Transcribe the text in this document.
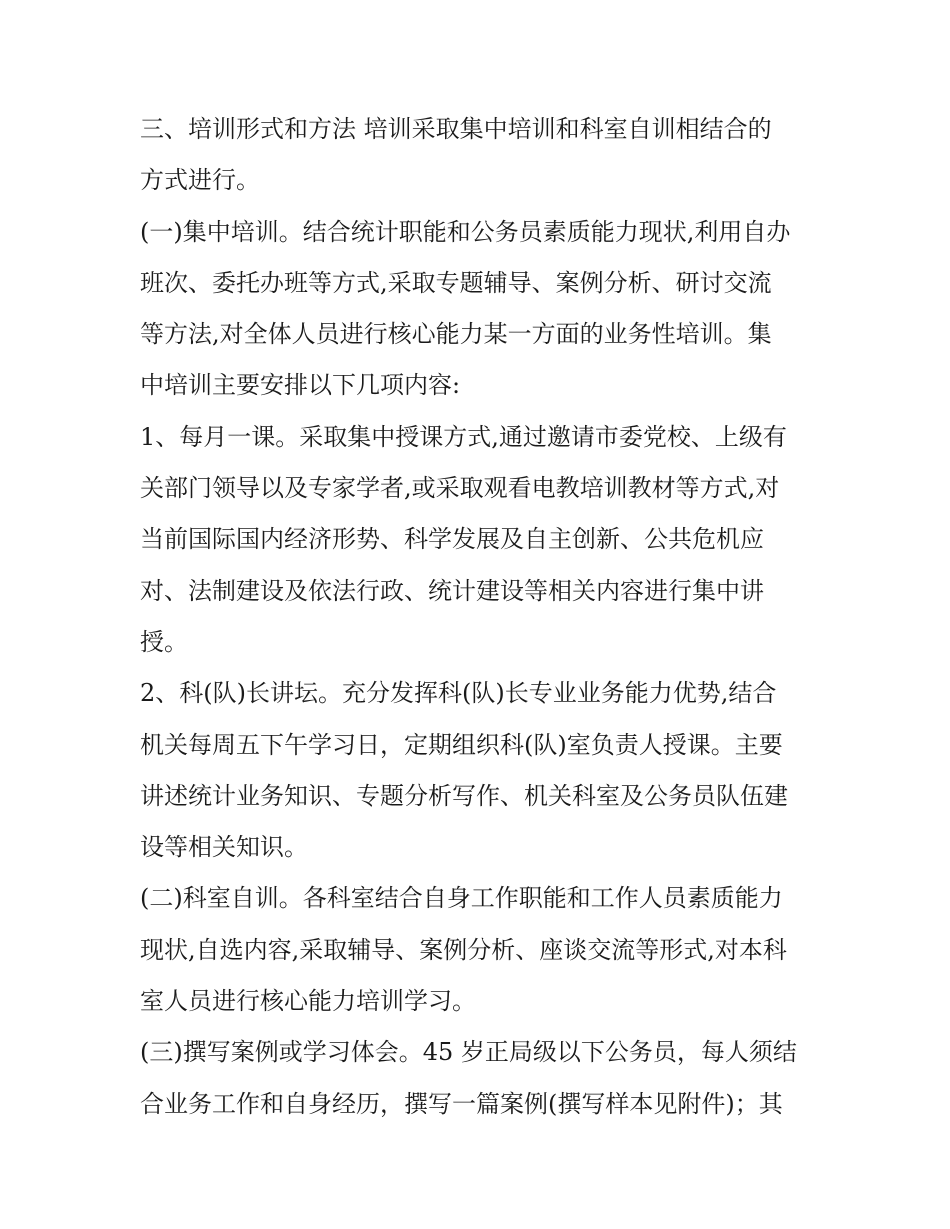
三、培训形式和方法 培训采取集中培训和科室自训相结合的
方式进行。
(一)集中培训。结合统计职能和公务员素质能力现状,利用自办
班次、委托办班等方式,采取专题辅导、案例分析、研讨交流
等方法,对全体人员进行核心能力某一方面的业务性培训。集
中培训主要安排以下几项内容:
1、每月一课。采取集中授课方式,通过邀请市委党校、上级有
关部门领导以及专家学者,或采取观看电教培训教材等方式,对
当前国际国内经济形势、科学发展及自主创新、公共危机应
对、法制建设及依法行政、统计建设等相关内容进行集中讲
授。
2、科(队)长讲坛。充分发挥科(队)长专业业务能力优势,结合
机关每周五下午学习日，定期组织科(队)室负责人授课。主要
讲述统计业务知识、专题分析写作、机关科室及公务员队伍建
设等相关知识。
(二)科室自训。各科室结合自身工作职能和工作人员素质能力
现状,自选内容,采取辅导、案例分析、座谈交流等形式,对本科
室人员进行核心能力培训学习。
(三)撰写案例或学习体会。45 岁正局级以下公务员，每人须结
合业务工作和自身经历，撰写一篇案例(撰写样本见附件)；其
